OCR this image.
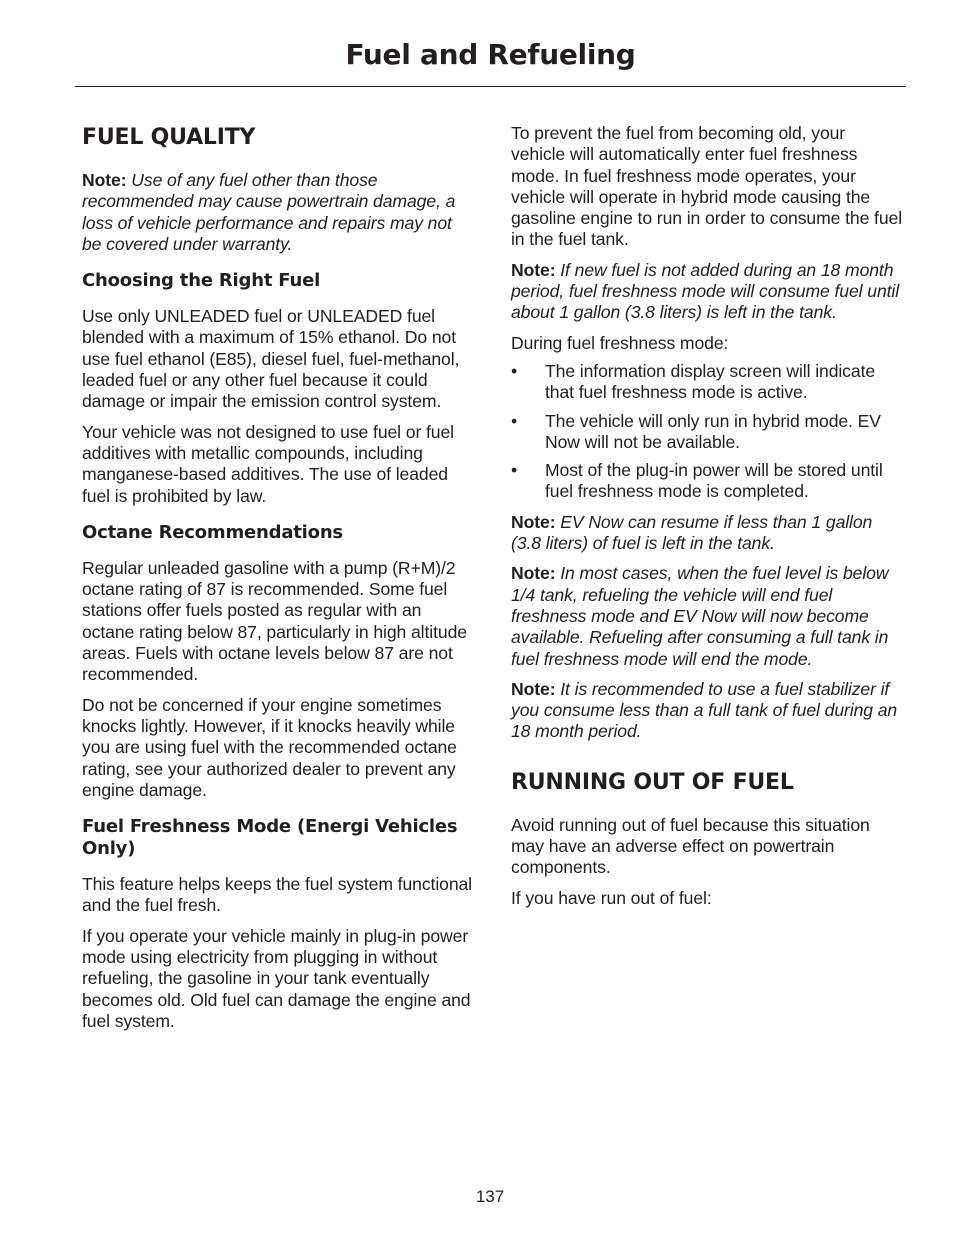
Fuel and Refueling
FUEL QUALITY

Note: Use of any fuel other than those recommended may cause powertrain damage, a loss of vehicle performance and repairs may not be covered under warranty.

Choosing the Right Fuel

Use only UNLEADED fuel or UNLEADED fuel blended with a maximum of 15% ethanol. Do not use fuel ethanol (E85), diesel fuel, fuel-methanol, leaded fuel or any other fuel because it could damage or impair the emission control system.

Your vehicle was not designed to use fuel or fuel additives with metallic compounds, including manganese-based additives. The use of leaded fuel is prohibited by law.

Octane Recommendations

Regular unleaded gasoline with a pump (R+M)/2 octane rating of 87 is recommended. Some fuel stations offer fuels posted as regular with an octane rating below 87, particularly in high altitude areas. Fuels with octane levels below 87 are not recommended.

Do not be concerned if your engine sometimes knocks lightly. However, if it knocks heavily while you are using fuel with the recommended octane rating, see your authorized dealer to prevent any engine damage.

Fuel Freshness Mode (Energi Vehicles Only)

This feature helps keeps the fuel system functional and the fuel fresh.

If you operate your vehicle mainly in plug-in power mode using electricity from plugging in without refueling, the gasoline in your tank eventually becomes old. Old fuel can damage the engine and fuel system.

To prevent the fuel from becoming old, your vehicle will automatically enter fuel freshness mode. In fuel freshness mode operates, your vehicle will operate in hybrid mode causing the gasoline engine to run in order to consume the fuel in the fuel tank.

Note: If new fuel is not added during an 18 month period, fuel freshness mode will consume fuel until about 1 gallon (3.8 liters) is left in the tank.

During fuel freshness mode:

• The information display screen will indicate that fuel freshness mode is active.
• The vehicle will only run in hybrid mode. EV Now will not be available.
• Most of the plug-in power will be stored until fuel freshness mode is completed.

Note: EV Now can resume if less than 1 gallon (3.8 liters) of fuel is left in the tank.

Note: In most cases, when the fuel level is below 1/4 tank, refueling the vehicle will end fuel freshness mode and EV Now will now become available. Refueling after consuming a full tank in fuel freshness mode will end the mode.

Note: It is recommended to use a fuel stabilizer if you consume less than a full tank of fuel during an 18 month period.

RUNNING OUT OF FUEL

Avoid running out of fuel because this situation may have an adverse effect on powertrain components.

If you have run out of fuel:

137
